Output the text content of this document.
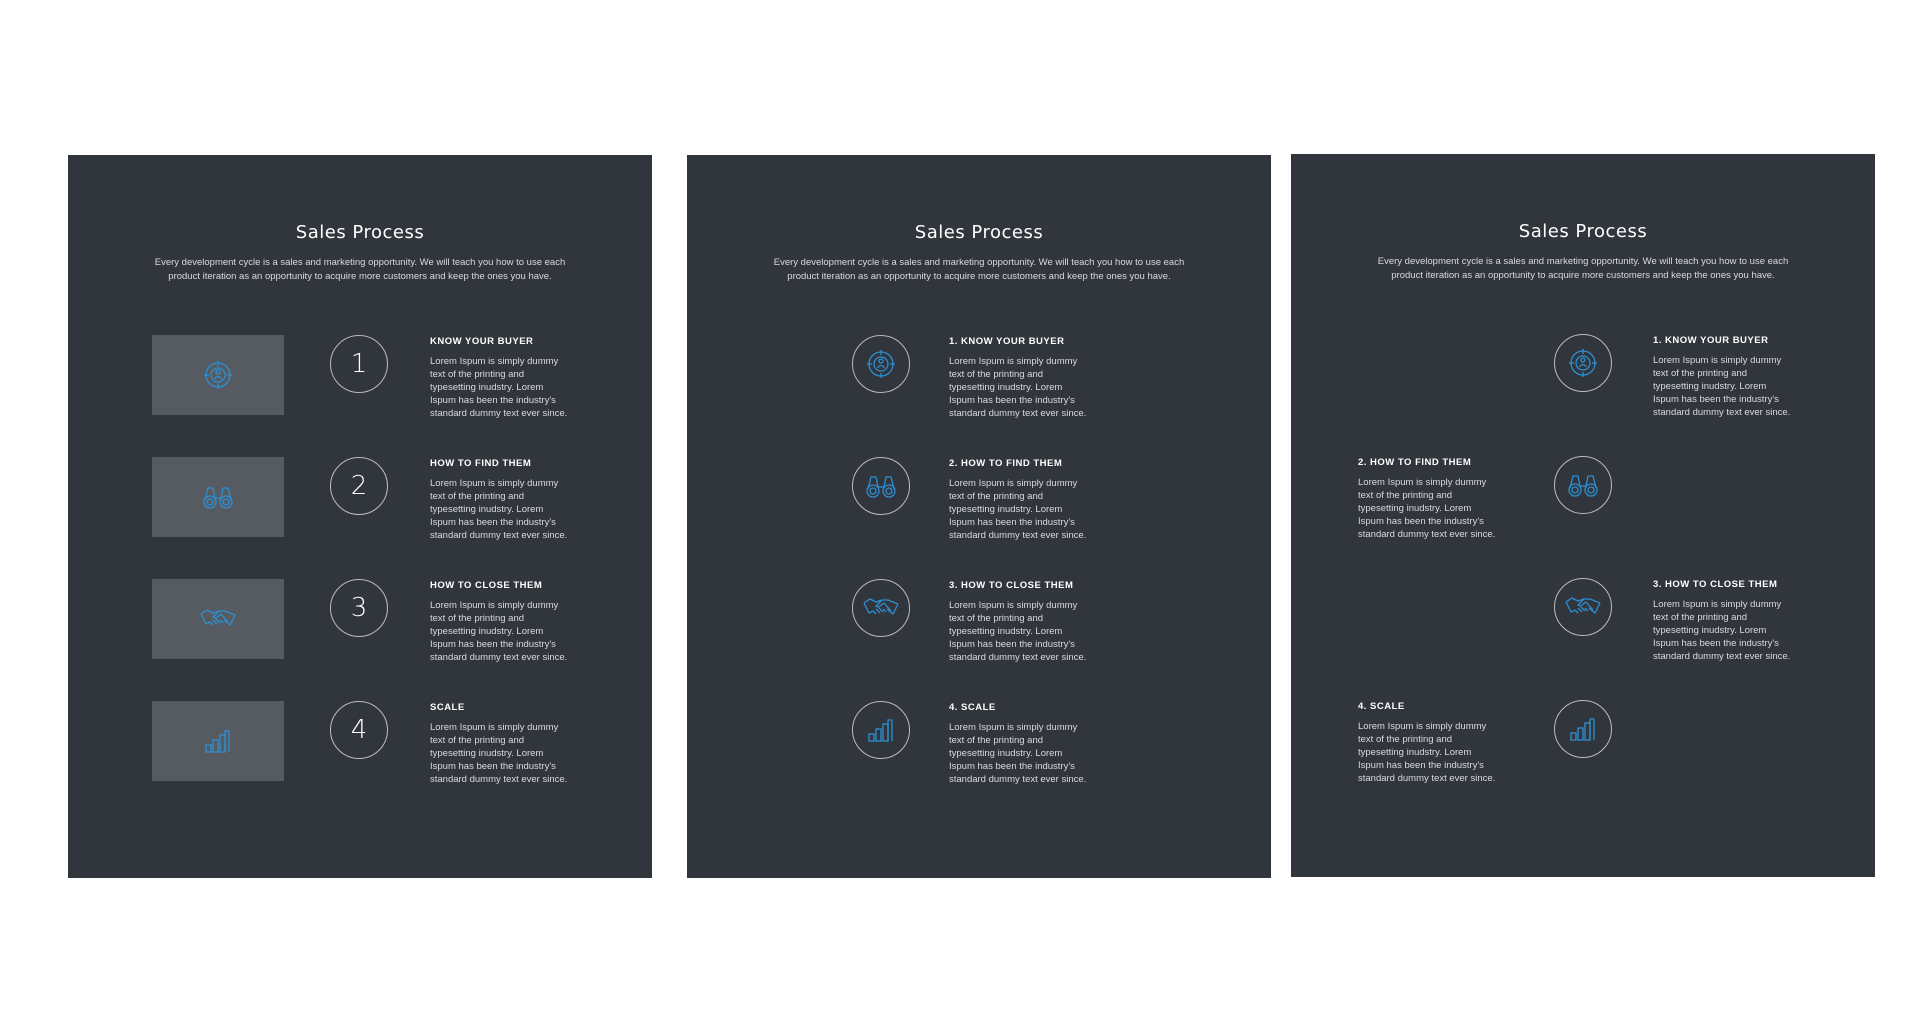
Sales Process
Every development cycle is a sales and marketing opportunity. We will teach you how to use each
product iteration as an opportunity to acquire more customers and keep the ones you have.
1
KNOW YOUR BUYER
Lorem Ispum is simply dummy
text of the printing and
typesetting inudstry. Lorem
Ispum has been the industry's
standard dummy text ever since.
2
HOW TO FIND THEM
Lorem Ispum is simply dummy
text of the printing and
typesetting inudstry. Lorem
Ispum has been the industry's
standard dummy text ever since.
3
HOW TO CLOSE THEM
Lorem Ispum is simply dummy
text of the printing and
typesetting inudstry. Lorem
Ispum has been the industry's
standard dummy text ever since.
4
SCALE
Lorem Ispum is simply dummy
text of the printing and
typesetting inudstry. Lorem
Ispum has been the industry's
standard dummy text ever since.
Sales Process
Every development cycle is a sales and marketing opportunity. We will teach you how to use each
product iteration as an opportunity to acquire more customers and keep the ones you have.
1. KNOW YOUR BUYER
Lorem Ispum is simply dummy
text of the printing and
typesetting inudstry. Lorem
Ispum has been the industry's
standard dummy text ever since.
2. HOW TO FIND THEM
Lorem Ispum is simply dummy
text of the printing and
typesetting inudstry. Lorem
Ispum has been the industry's
standard dummy text ever since.
3. HOW TO CLOSE THEM
Lorem Ispum is simply dummy
text of the printing and
typesetting inudstry. Lorem
Ispum has been the industry's
standard dummy text ever since.
4. SCALE
Lorem Ispum is simply dummy
text of the printing and
typesetting inudstry. Lorem
Ispum has been the industry's
standard dummy text ever since.
Sales Process
Every development cycle is a sales and marketing opportunity. We will teach you how to use each
product iteration as an opportunity to acquire more customers and keep the ones you have.
1. KNOW YOUR BUYER
Lorem Ispum is simply dummy
text of the printing and
typesetting inudstry. Lorem
Ispum has been the industry's
standard dummy text ever since.
2. HOW TO FIND THEM
Lorem Ispum is simply dummy
text of the printing and
typesetting inudstry. Lorem
Ispum has been the industry's
standard dummy text ever since.
3. HOW TO CLOSE THEM
Lorem Ispum is simply dummy
text of the printing and
typesetting inudstry. Lorem
Ispum has been the industry's
standard dummy text ever since.
4. SCALE
Lorem Ispum is simply dummy
text of the printing and
typesetting inudstry. Lorem
Ispum has been the industry's
standard dummy text ever since.
